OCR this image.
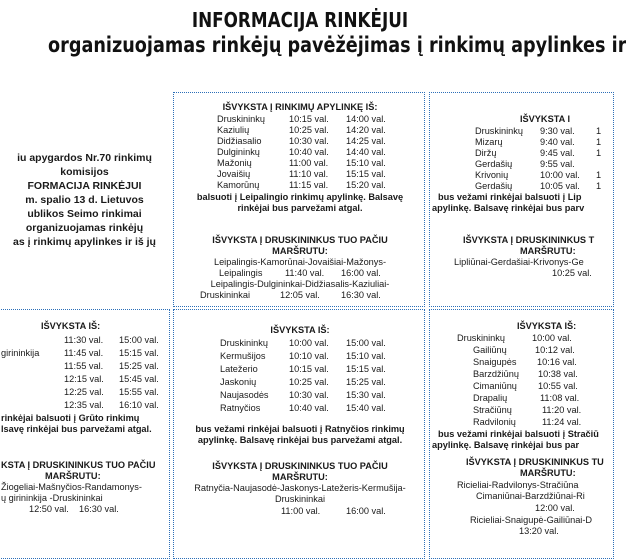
INFORMACIJA RINKĖJUI
organizuojamas rinkėjų pavėžėjimas į rinkimų apylinkes ir
iu apygardos Nr.70 rinkimų
komisijos
FORMACIJA RINKĖJUI
m. spalio 13 d. Lietuvos
ublikos Seimo rinkimai
organizuojamas rinkėjų
as į rinkimų apylinkes ir iš jų
IŠVYKSTA Į RINKIMŲ APYLINKĘ IŠ:
Druskininkų	10:15 val. 14:00 val.
Kaziulių	10:25 val. 14:20 val.
Didžiasalio	10:30 val. 14:25 val.
Dulgininkų	10:40 val. 14:40 val.
Mažonių	11:00 val. 15:10 val.
Jovaišių	11:10 val. 15:15 val.
Kamorūnų	11:15 val. 15:20 val.
balsuoti į Leipalingio rinkimų apylinkę. Balsavę
rinkėjai bus parvežami atgal.
IŠVYKSTA Į DRUSKININKUS TUO PAČIU
MARŠRUTU:
Leipalingis-Kamorūnai-Jovaišiai-Mažonys-
Leipalingis 11:40 val. 16:00 val.
Leipalingis-Dulgininkai-Didžiasalis-Kaziuliai-
Druskininkai	12:05 val. 16:30 val.
IŠVYKSTA I
Druskininkų 9:30 val. 1
Mizarų	9:40 val. 1
Diržų	9:45 val. 1
Gerdašių	9:55 val.
Krivonių	10:00 val. 1
Gerdašių	10:05 val. 1
bus vežami rinkėjai balsuoti į Lip
apylinkę. Balsavę rinkėjai bus parv
IŠVYKSTA Į DRUSKININKUS T
MARŠRUTU:
Lipliūnai-Gerdašiai-Krivonys-Ge
10:25 val.
IŠVYKSTA IŠ:
11:30 val. 15:00 val.
girininkija	11:45 val. 15:15 val.
11:55 val. 15:25 val.
12:15 val. 15:45 val.
12:25 val. 15:55 val.
12:35 val. 16:10 val.
rinkėjai balsuoti į Grūto rinkimų
lsavę rinkėjai bus parvežami atgal.
KSTA Į DRUSKININKUS TUO PAČIU
MARŠRUTU:
Žiogeliai-Mašnyčios-Randamonys-
ų girininkija -Druskininkai
12:50 val. 16:30 val.
IŠVYKSTA IŠ:
Druskininkų 10:00 val. 15:00 val.
Kermušijos	10:10 val. 15:10 val.
Latežerio	10:15 val. 15:15 val.
Jaskonių	10:25 val. 15:25 val.
Naujasodės 10:30 val. 15:30 val.
Ratnyčios	10:40 val. 15:40 val.
bus vežami rinkėjai balsuoti į Ratnyčios rinkimų
apylinkę. Balsavę rinkėjai bus parvežami atgal.
IŠVYKSTA Į DRUSKININKUS TUO PAČIU
MARŠRUTU:
Ratnyčia-Naujasodė-Jaskonys-Latežeris-Kermušija-
Druskininkai
11:00 val.	16:00 val.
IŠVYKSTA IŠ:
Druskininkų	10:00 val.
Gailiūnų	10:12 val.
Snaigupės 10:16 val.
Barzdžiūnų 10:38 val.
Cimaniūnų 10:55 val.
Drapalių	11:08 val.
Stračiūnų	11:20 val.
Radvilonių	11:24 val.
bus vežami rinkėjai balsuoti į Stračiū
apylinkę. Balsavę rinkėjai bus par
IŠVYKSTA Į DRUSKININKUS TU
MARŠRUTU:
Ricieliai-Radvilonys-Stračiūna
Cimaniūnai-Barzdžiūnai-Ri
12:00 val.
Ricieliai-Snaigupė-Gailiūnai-D
13:20 val.
